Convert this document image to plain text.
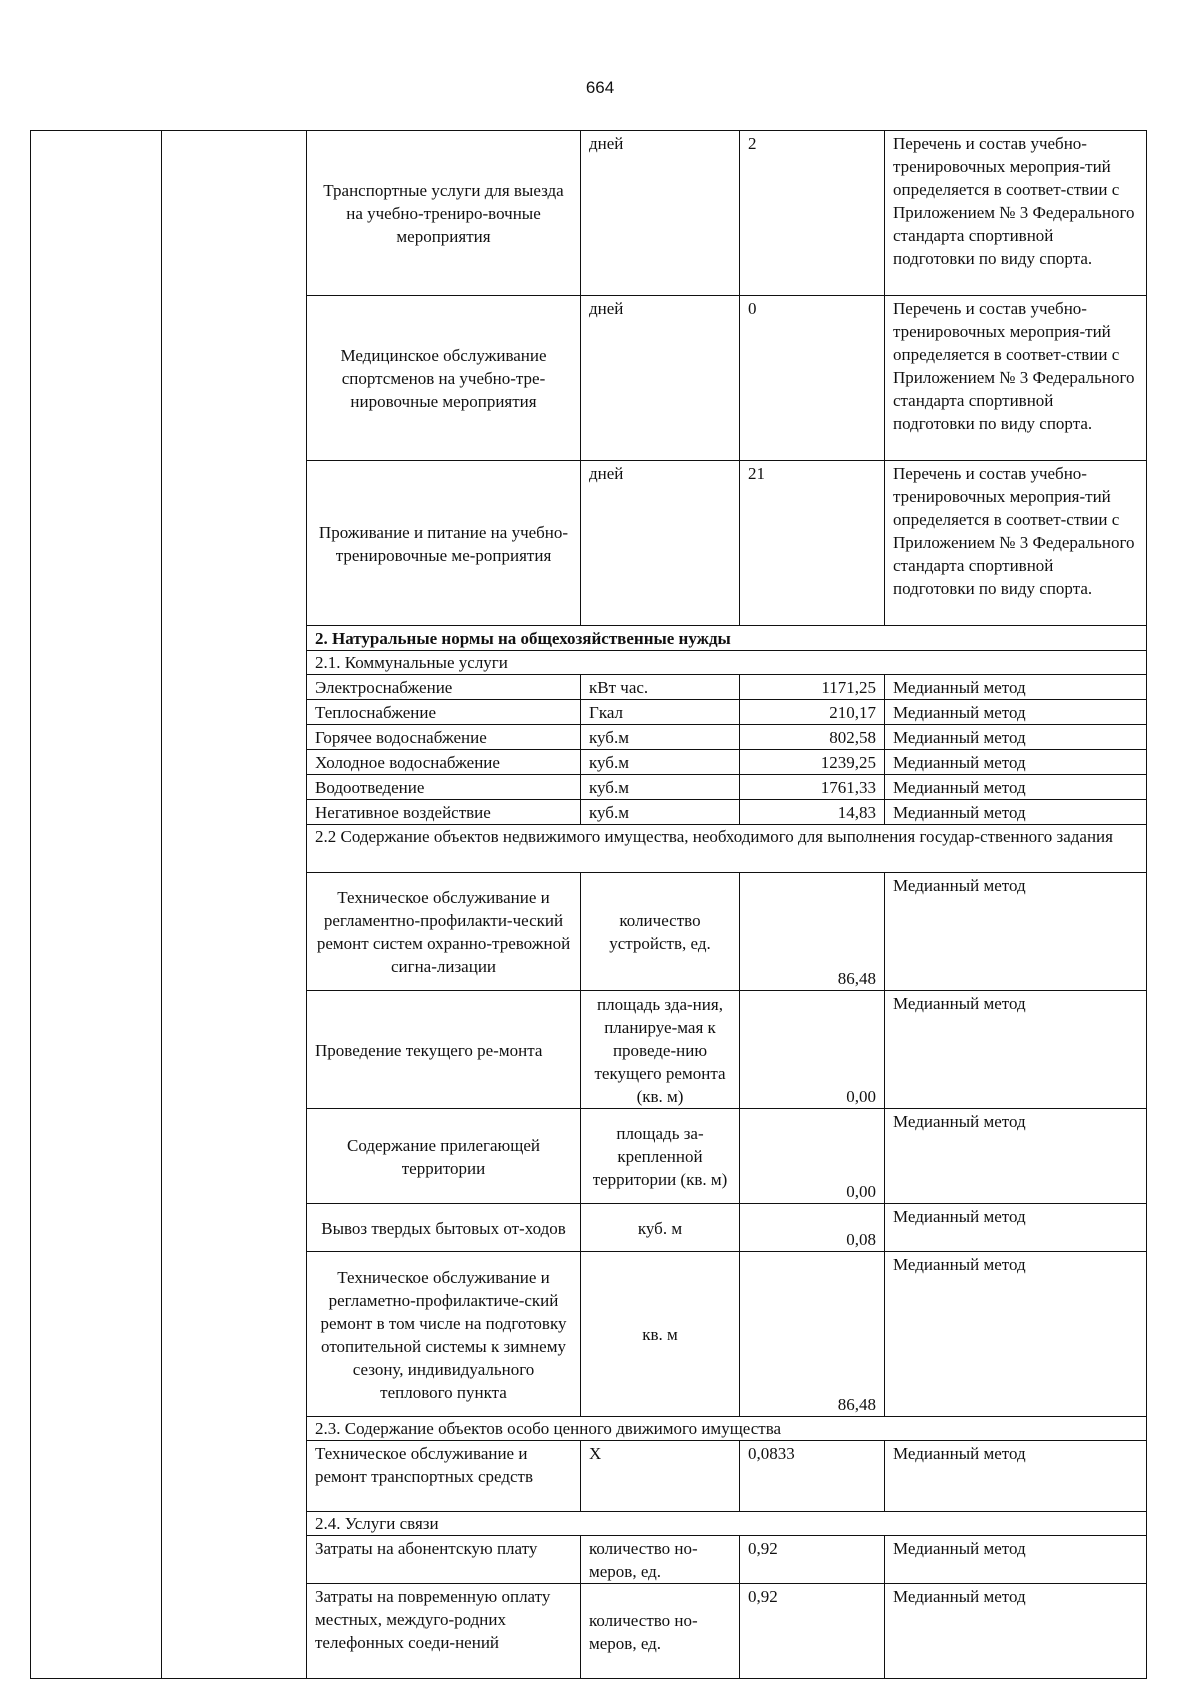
664
		Транспортные услуги для выезда на учебно-трениро-вочные мероприятия	дней	2	Перечень и состав учебно-тренировочных мероприя-тий определяется в соответ-ствии с Приложением № 3 Федерального стандарта спортивной подготовки по виду спорта.
		Медицинское обслуживание спортсменов на учебно-тре-нировочные мероприятия	дней	0	Перечень и состав учебно-тренировочных мероприя-тий определяется в соответ-ствии с Приложением № 3 Федерального стандарта спортивной подготовки по виду спорта.
		Проживание и питание на учебно-тренировочные ме-роприятия	дней	21	Перечень и состав учебно-тренировочных мероприя-тий определяется в соответ-ствии с Приложением № 3 Федерального стандарта спортивной подготовки по виду спорта.
		2. Натуральные нормы на общехозяйственные нужды			
		2.1. Коммунальные услуги			
		Электроснабжение	кВт час.	1171,25	Медианный метод
		Теплоснабжение	Гкал	210,17	Медианный метод
		Горячее водоснабжение	куб.м	802,58	Медианный метод
		Холодное водоснабжение	куб.м	1239,25	Медианный метод
		Водоотведение	куб.м	1761,33	Медианный метод
		Негативное воздействие	куб.м	14,83	Медианный метод
		2.2 Содержание объектов недвижимого имущества, необходимого для выполнения государ-ственного задания			
		Техническое обслуживание и регламентно-профилакти-ческий ремонт систем охранно-тревожной сигна-лизации	количество устройств, ед.	86,48	Медианный метод
		Проведение текущего ре-монта	площадь зда-ния, планируе-мая к проведе-нию текущего ремонта (кв. м)	0,00	Медианный метод
		Содержание прилегающей территории	площадь за-крепленной территории (кв. м)	0,00	Медианный метод
		Вывоз твердых бытовых от-ходов	куб. м	0,08	Медианный метод
		Техническое обслуживание и регламетно-профилактиче-ский ремонт в том числе на подготовку отопительной системы к зимнему сезону, индивидуального теплового пункта	кв. м	86,48	Медианный метод
		2.3. Содержание объектов особо ценного движимого имущества			
		Техническое обслуживание и ремонт транспортных средств	Х	0,0833	Медианный метод
		2.4. Услуги связи			
		Затраты на абонентскую плату	количество но-меров, ед.	0,92	Медианный метод
		Затраты на повременную оплату местных, междуго-родних телефонных соеди-нений	количество но-меров, ед.	0,92	Медианный метод
